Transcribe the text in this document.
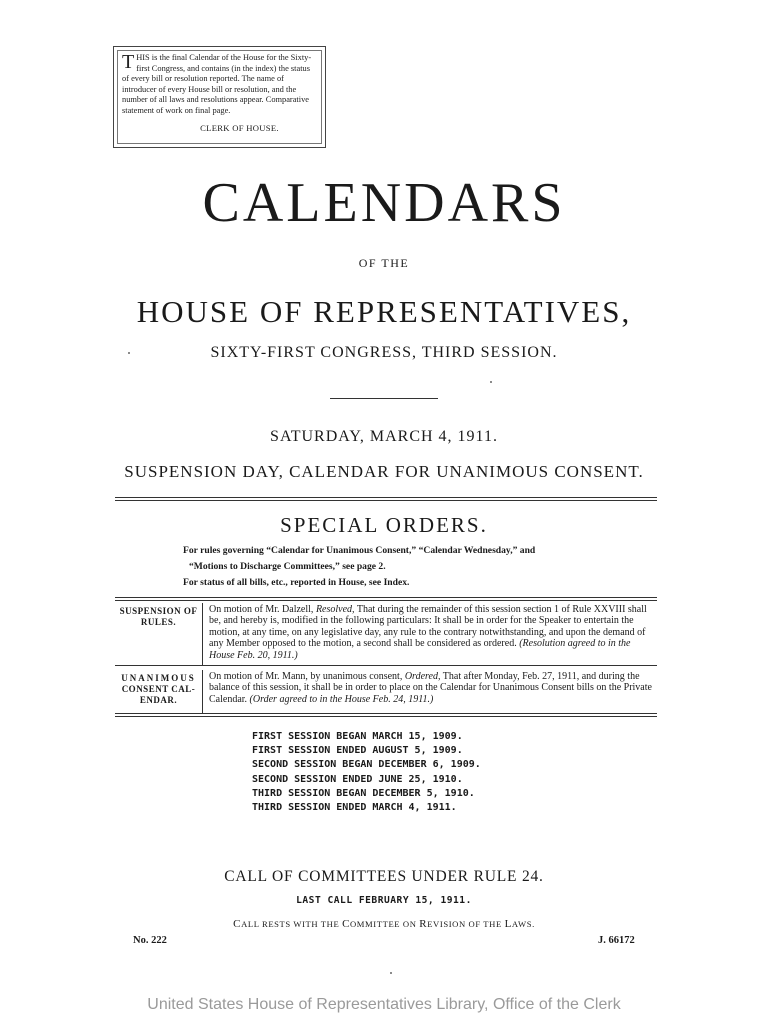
THIS is the final Calendar of the House for the Sixty-first Congress, and contains (in the index) the status of every bill or resolution reported. The name of introducer of every House bill or resolution, and the number of all laws and resolutions appear. Comparative statement of work on final page.
CLERK OF HOUSE.
CALENDARS
OF THE
HOUSE OF REPRESENTATIVES,
SIXTY-FIRST CONGRESS, THIRD SESSION.
SATURDAY, MARCH 4, 1911.
SUSPENSION DAY, CALENDAR FOR UNANIMOUS CONSENT.
SPECIAL ORDERS.
For rules governing “Calendar for Unanimous Consent,” “Calendar Wednesday,” and
“Motions to Discharge Committees,” see page 2.
For status of all bills, etc., reported in House, see Index.
SUSPENSION OF
RULES.
On motion of Mr. Dalzell, Resolved, That during the remainder of this session section 1 of Rule XXVIII shall be, and hereby is, modified in the following particulars: It shall be in order for the Speaker to entertain the motion, at any time, on any legislative day, any rule to the contrary notwithstanding, and upon the demand of any Member opposed to the motion, a second shall be considered as ordered. (Resolution agreed to in the House Feb. 20, 1911.)
UNANIMOUS
CONSENT CAL-
ENDAR.
On motion of Mr. Mann, by unanimous consent, Ordered, That after Monday, Feb. 27, 1911, and during the balance of this session, it shall be in order to place on the Calendar for Unanimous Consent bills on the Private Calendar. (Order agreed to in the House Feb. 24, 1911.)
FIRST SESSION BEGAN MARCH 15, 1909.
FIRST SESSION ENDED AUGUST 5, 1909.
SECOND SESSION BEGAN DECEMBER 6, 1909.
SECOND SESSION ENDED JUNE 25, 1910.
THIRD SESSION BEGAN DECEMBER 5, 1910.
THIRD SESSION ENDED MARCH 4, 1911.
CALL OF COMMITTEES UNDER RULE 24.
LAST CALL FEBRUARY 15, 1911.
CALL RESTS WITH THE COMMITTEE ON REVISION OF THE LAWS.
No. 222	J. 66172
United States House of Representatives Library, Office of the Clerk
